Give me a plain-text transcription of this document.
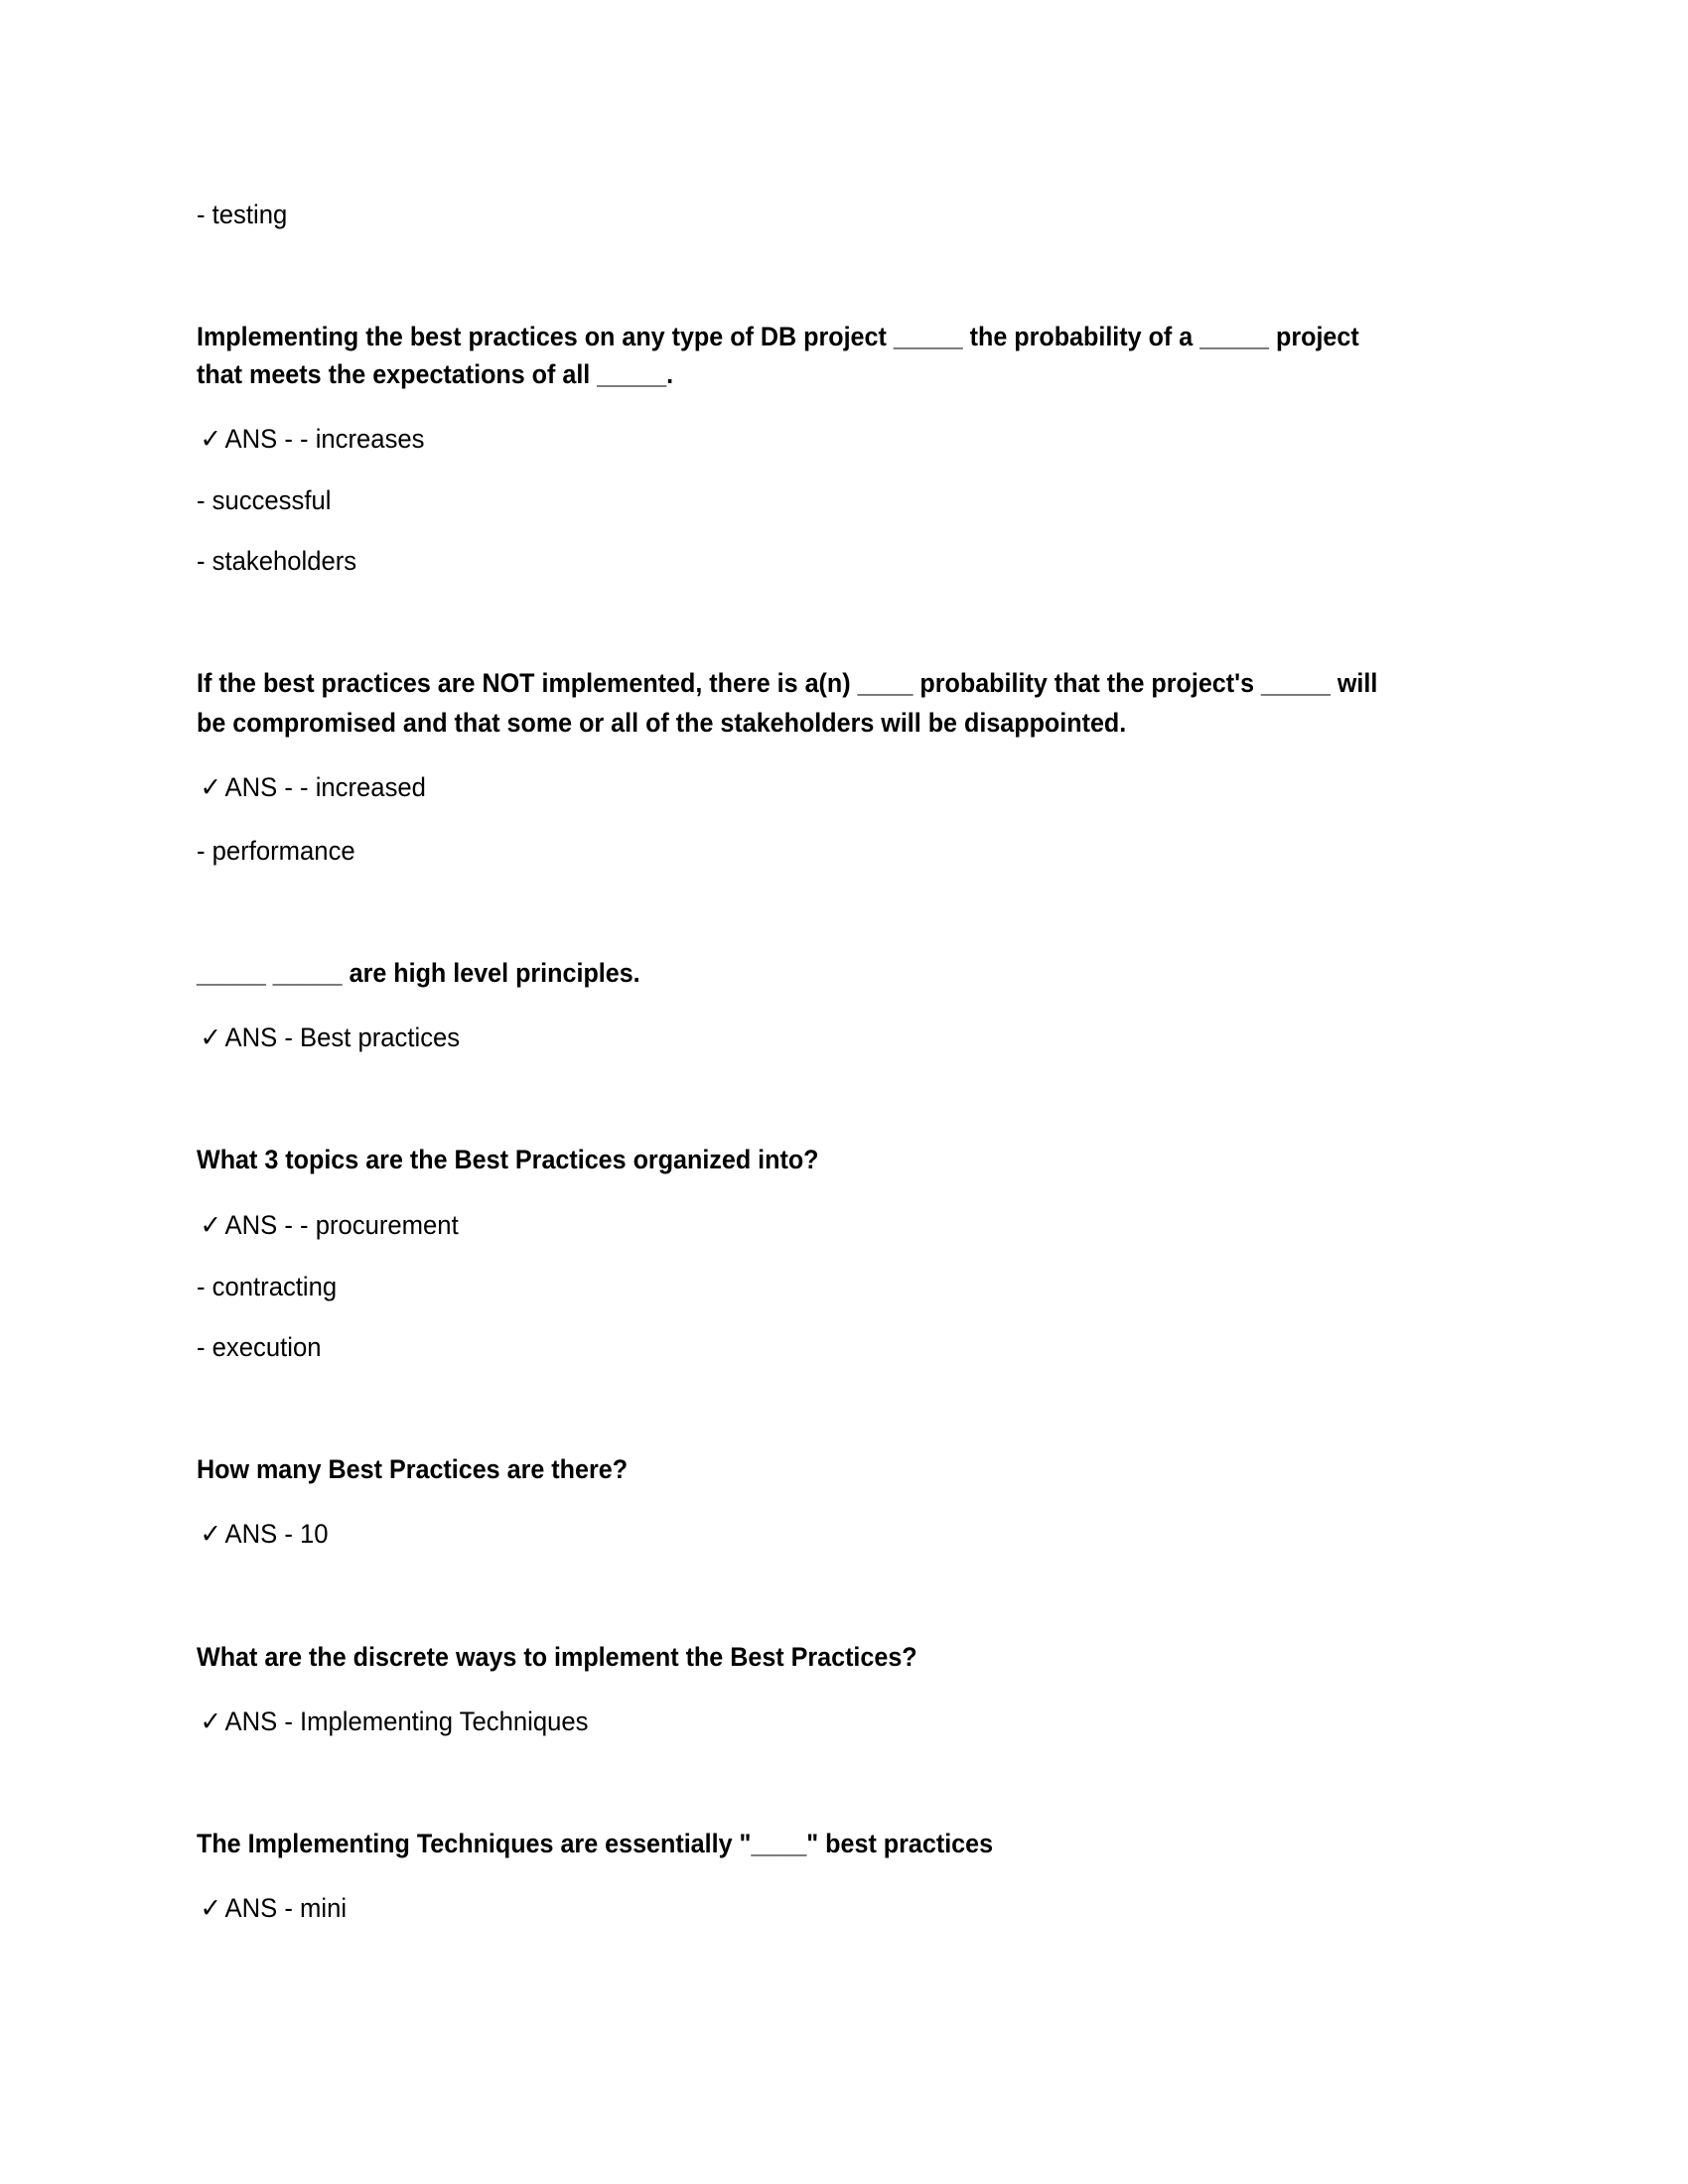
- testing
Implementing the best practices on any type of DB project _____ the probability of a _____ project
that meets the expectations of all _____.
✓ ANS - - increases
- successful
- stakeholders
If the best practices are NOT implemented, there is a(n) ____ probability that the project's _____ will
be compromised and that some or all of the stakeholders will be disappointed.
✓ ANS - - increased
- performance
_____ _____ are high level principles.
✓ ANS - Best practices
What 3 topics are the Best Practices organized into?
✓ ANS - - procurement
- contracting
- execution
How many Best Practices are there?
✓ ANS - 10
What are the discrete ways to implement the Best Practices?
✓ ANS - Implementing Techniques
The Implementing Techniques are essentially "____" best practices
✓ ANS - mini
